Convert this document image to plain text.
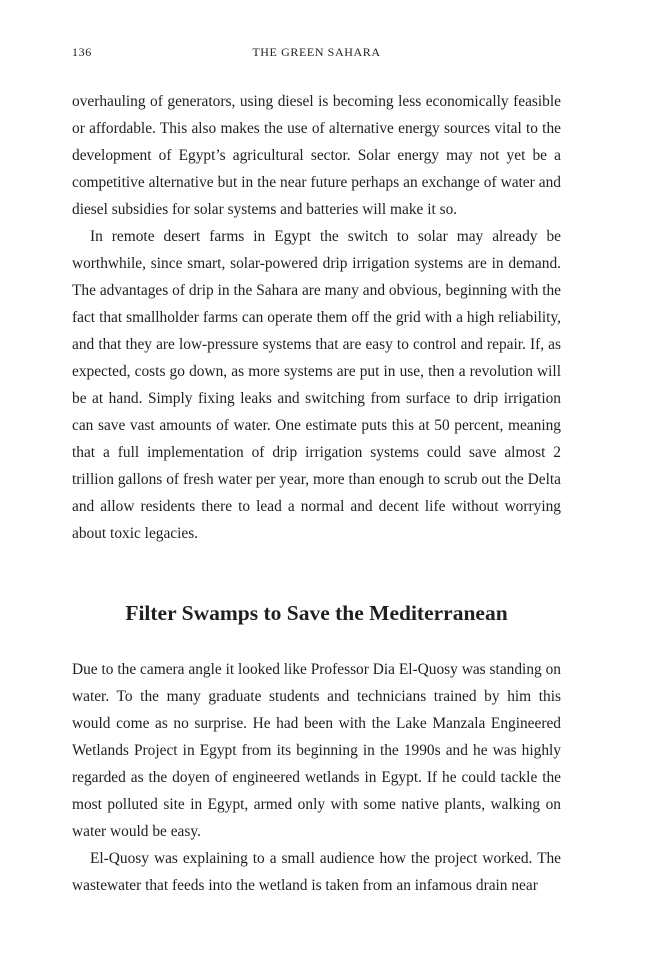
136	THE GREEN SAHARA

overhauling of generators, using diesel is becoming less economically feasible or affordable. This also makes the use of alternative energy sources vital to the development of Egypt’s agricultural sector. Solar energy may not yet be a competitive alternative but in the near future perhaps an exchange of water and diesel subsidies for solar systems and batteries will make it so.

In remote desert farms in Egypt the switch to solar may already be worthwhile, since smart, solar-powered drip irrigation systems are in demand. The advantages of drip in the Sahara are many and obvious, beginning with the fact that smallholder farms can operate them off the grid with a high reliability, and that they are low-pressure systems that are easy to control and repair. If, as expected, costs go down, as more systems are put in use, then a revolution will be at hand. Simply fixing leaks and switching from surface to drip irrigation can save vast amounts of water. One estimate puts this at 50 percent, meaning that a full implementation of drip irrigation systems could save almost 2 trillion gallons of fresh water per year, more than enough to scrub out the Delta and allow residents there to lead a normal and decent life without worrying about toxic legacies.

Filter Swamps to Save the Mediterranean

Due to the camera angle it looked like Professor Dia El-Quosy was standing on water. To the many graduate students and technicians trained by him this would come as no surprise. He had been with the Lake Manzala Engineered Wetlands Project in Egypt from its beginning in the 1990s and he was highly regarded as the doyen of engineered wetlands in Egypt. If he could tackle the most polluted site in Egypt, armed only with some native plants, walking on water would be easy.

El-Quosy was explaining to a small audience how the project worked. The wastewater that feeds into the wetland is taken from an infamous drain near
